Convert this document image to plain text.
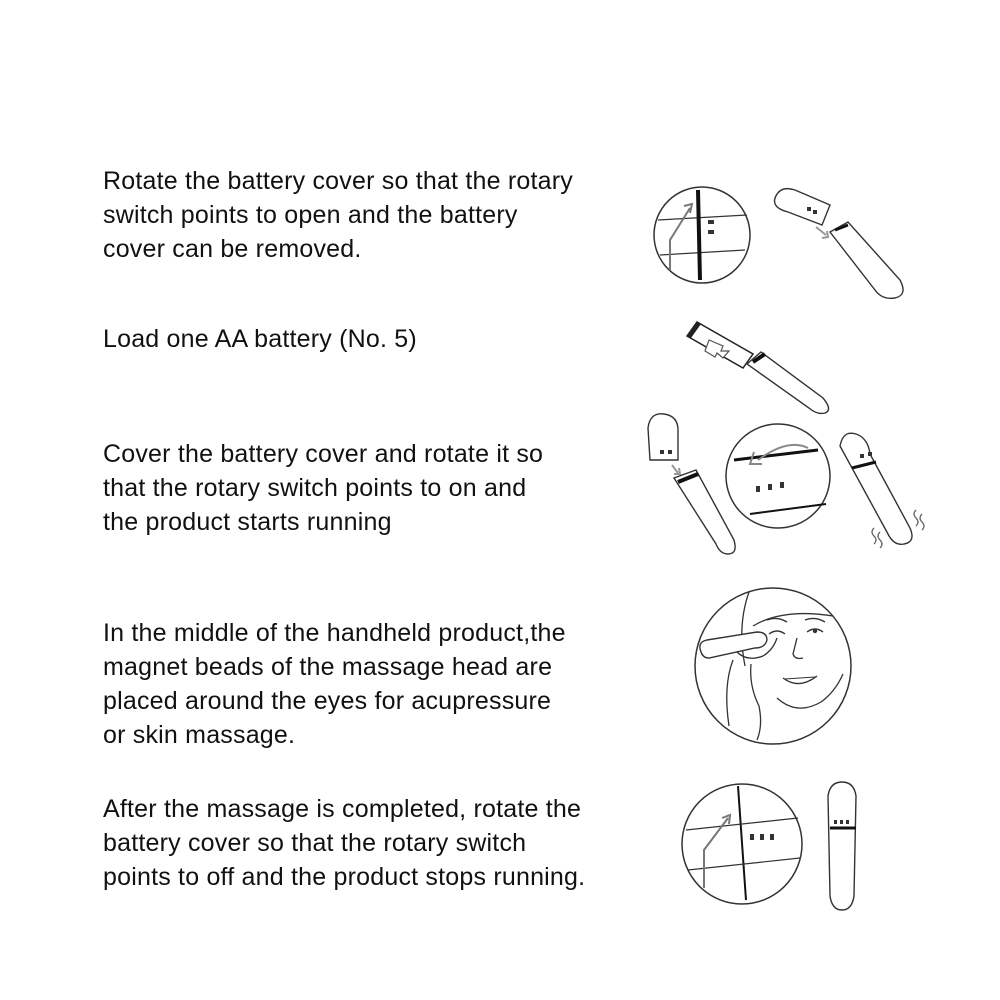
Rotate the battery cover so that the rotary
switch points to open and the battery
cover can be removed.
Load one AA battery (No. 5)
Cover the battery cover and rotate it so
that the rotary switch points to on and
the product starts running
In the middle of the handheld product,the
magnet beads of the massage head are
placed around the eyes for acupressure
or skin massage.
After the massage is completed, rotate the
battery cover so that the rotary switch
points to off and the product stops running.
